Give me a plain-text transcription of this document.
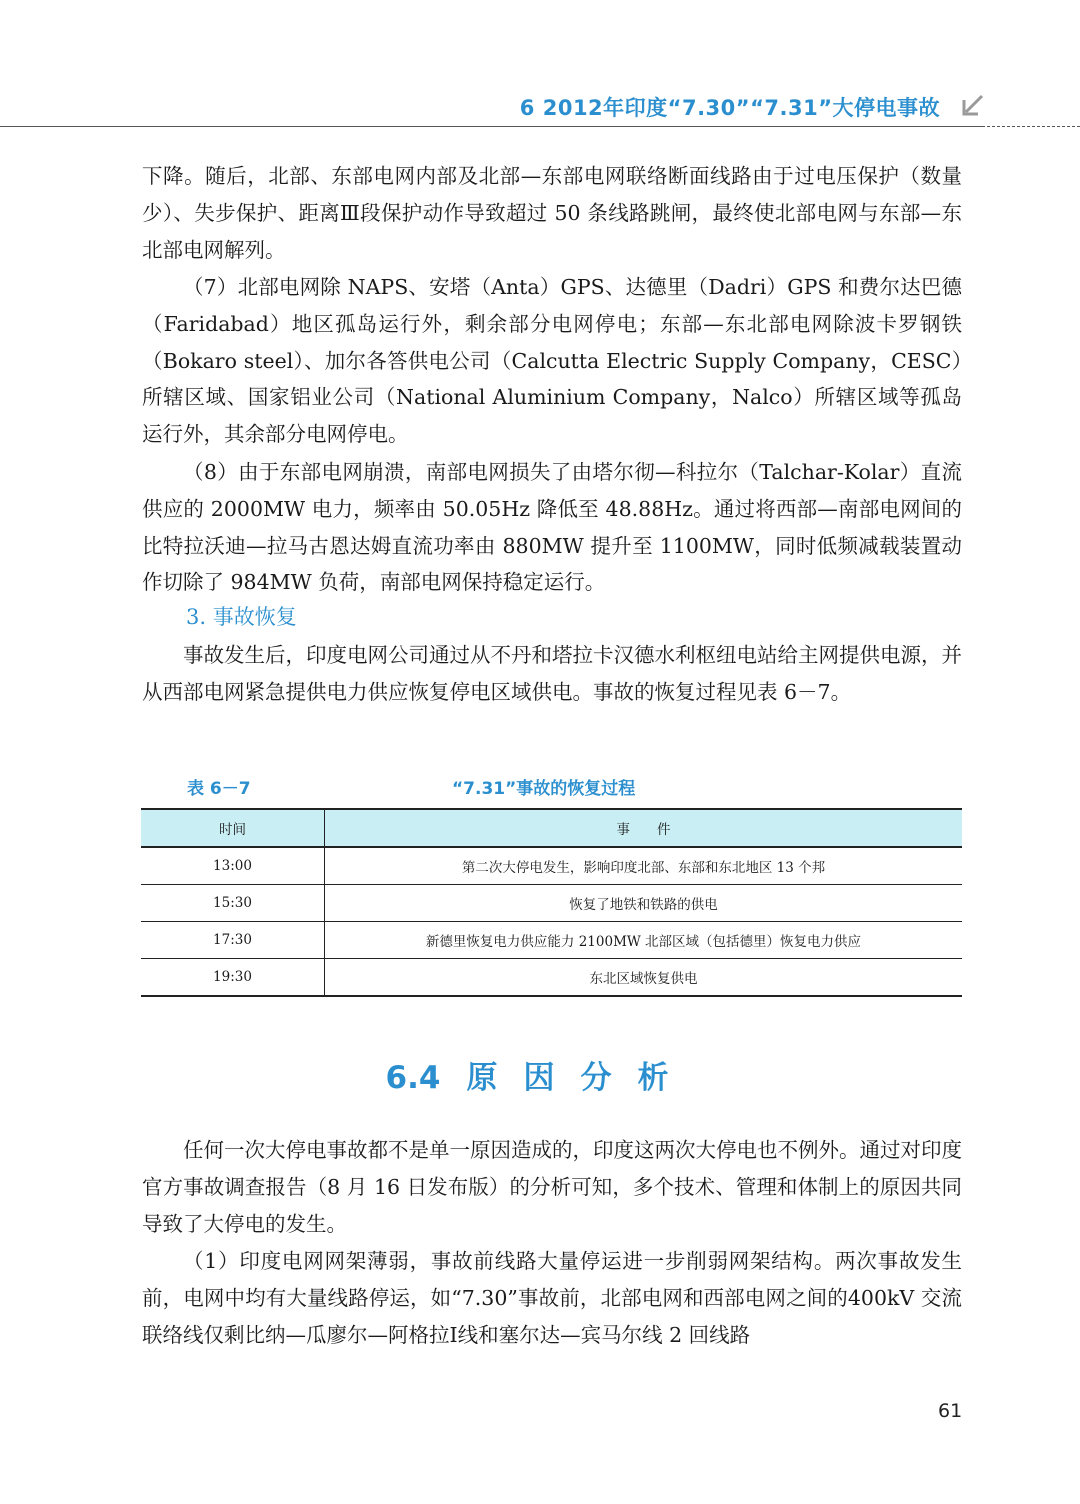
6 2012年印度“7.30”“7.31”大停电事故

下降。随后，北部、东部电网内部及北部—东部电网联络断面线路由于过电压保护（数量少）、失步保护、距离Ⅲ段保护动作导致超过 50 条线路跳闸，最终使北部电网与东部—东北部电网解列。

（7）北部电网除 NAPS、安塔（Anta）GPS、达德里（Dadri）GPS 和费尔达巴德（Faridabad）地区孤岛运行外，剩余部分电网停电；东部—东北部电网除波卡罗钢铁（Bokaro steel）、加尔各答供电公司（Calcutta Electric Supply Company，CESC）所辖区域、国家铝业公司（National Aluminium Company，Nalco）所辖区域等孤岛运行外，其余部分电网停电。

（8）由于东部电网崩溃，南部电网损失了由塔尔彻—科拉尔（Talchar-Kolar）直流供应的 2000MW 电力，频率由 50.05Hz 降低至 48.88Hz。通过将西部—南部电网间的比特拉沃迪—拉马古恩达姆直流功率由 880MW 提升至 1100MW，同时低频减载装置动作切除了 984MW 负荷，南部电网保持稳定运行。

3. 事故恢复

事故发生后，印度电网公司通过从不丹和塔拉卡汉德水利枢纽电站给主网提供电源，并从西部电网紧急提供电力供应恢复停电区域供电。事故的恢复过程见表 6－7。

表 6－7	“7.31”事故的恢复过程
时间	事　　件
13:00	第二次大停电发生，影响印度北部、东部和东北地区 13 个邦
15:30	恢复了地铁和铁路的供电
17:30	新德里恢复电力供应能力 2100MW 北部区域（包括德里）恢复电力供应
19:30	东北区域恢复供电
6.4 原因分析

任何一次大停电事故都不是单一原因造成的，印度这两次大停电也不例外。通过对印度官方事故调查报告（8 月 16 日发布版）的分析可知，多个技术、管理和体制上的原因共同导致了大停电的发生。

（1）印度电网网架薄弱，事故前线路大量停运进一步削弱网架结构。两次事故发生前，电网中均有大量线路停运，如“7.30”事故前，北部电网和西部电网之间的400kV 交流联络线仅剩比纳—瓜廖尔—阿格拉Ⅰ线和塞尔达—宾马尔线 2 回线路

61
